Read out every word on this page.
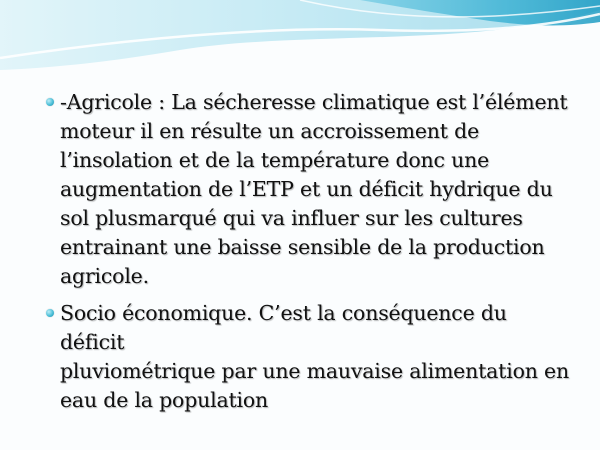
-Agricole : La sécheresse climatique est l’élément
moteur il en résulte un accroissement de
l’insolation et de la température donc une
augmentation de l’ETP et un déficit hydrique du
sol plusmarqué qui va influer sur les cultures
entrainant une baisse sensible de la production
agricole.
Socio économique. C’est la conséquence du déficit
pluviométrique par une mauvaise alimentation en
eau de la population
